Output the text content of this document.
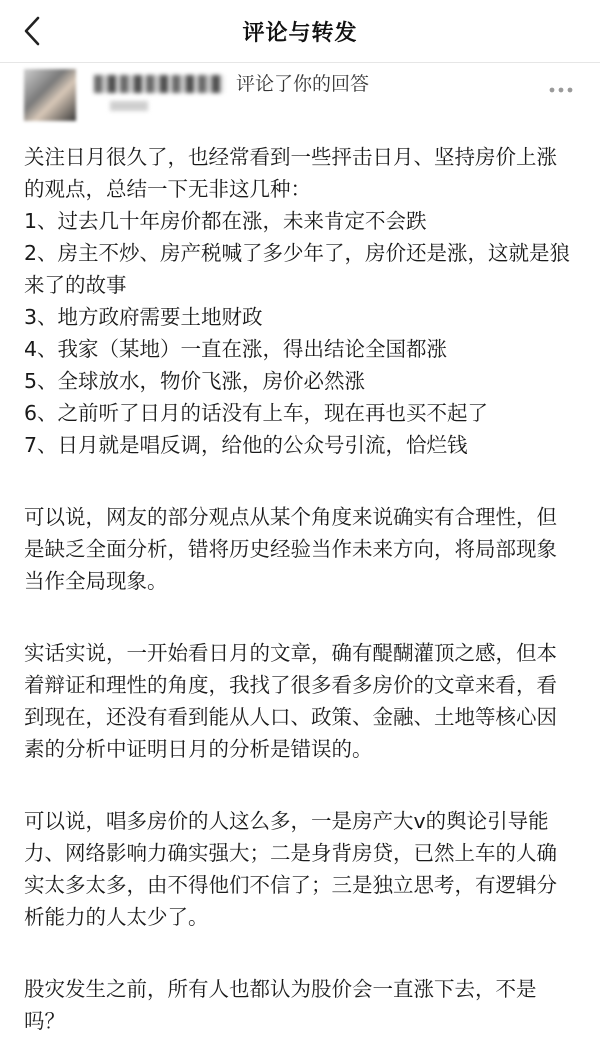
评论与转发
评论了你的回答
关注日月很久了，也经常看到一些抨击日月、坚持房价上涨的观点，总结一下无非这几种：
1、过去几十年房价都在涨，未来肯定不会跌
2、房主不炒、房产税喊了多少年了，房价还是涨，这就是狼来了的故事
3、地方政府需要土地财政
4、我家（某地）一直在涨，得出结论全国都涨
5、全球放水，物价飞涨，房价必然涨
6、之前听了日月的话没有上车，现在再也买不起了
7、日月就是唱反调，给他的公众号引流，恰烂钱
可以说，网友的部分观点从某个角度来说确实有合理性，但是缺乏全面分析，错将历史经验当作未来方向，将局部现象当作全局现象。
实话实说，一开始看日月的文章，确有醍醐灌顶之感，但本着辩证和理性的角度，我找了很多看多房价的文章来看，看到现在，还没有看到能从人口、政策、金融、土地等核心因素的分析中证明日月的分析是错误的。
可以说，唱多房价的人这么多，一是房产大v的舆论引导能力、网络影响力确实强大；二是身背房贷，已然上车的人确实太多太多，由不得他们不信了；三是独立思考，有逻辑分析能力的人太少了。
股灾发生之前，所有人也都认为股价会一直涨下去，不是吗？
